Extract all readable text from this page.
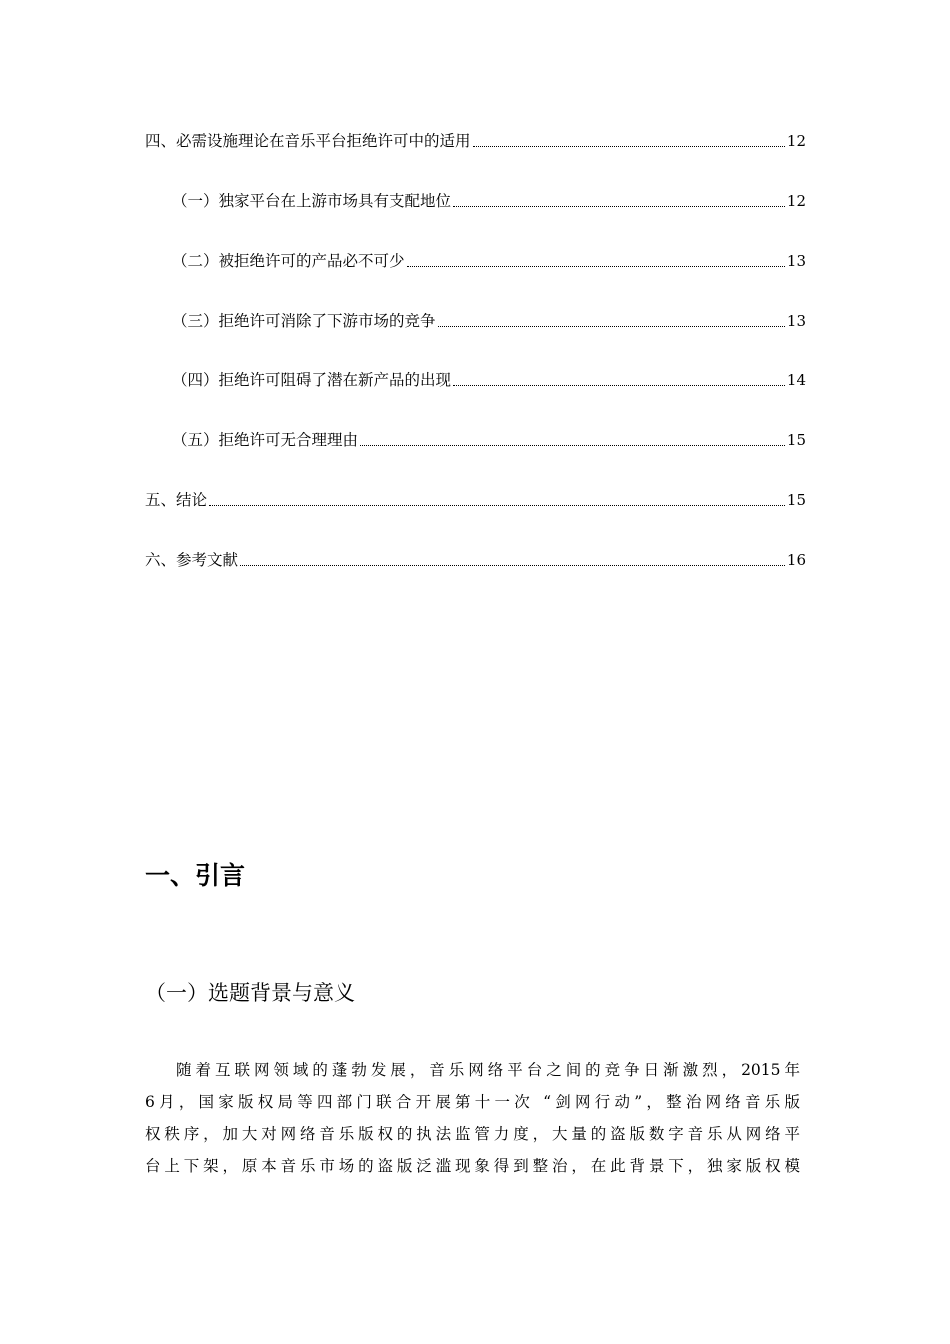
四、必需设施理论在音乐平台拒绝许可中的适用	12
（一）独家平台在上游市场具有支配地位	12
（二）被拒绝许可的产品必不可少	13
（三）拒绝许可消除了下游市场的竞争	13
（四）拒绝许可阻碍了潜在新产品的出现	14
（五）拒绝许可无合理理由	15
五、结论	15
六、参考文献	16
一、引言
（一）选题背景与意义
随着互联网领域的蓬勃发展，音乐网络平台之间的竞争日渐激烈，2015年
6月，国家版权局等四部门联合开展第十一次 “剑网行动”，整治网络音乐版
权秩序，加大对网络音乐版权的执法监管力度，大量的盗版数字音乐从网络平
台上下架，原本音乐市场的盗版泛滥现象得到整治，在此背景下，独家版权模
